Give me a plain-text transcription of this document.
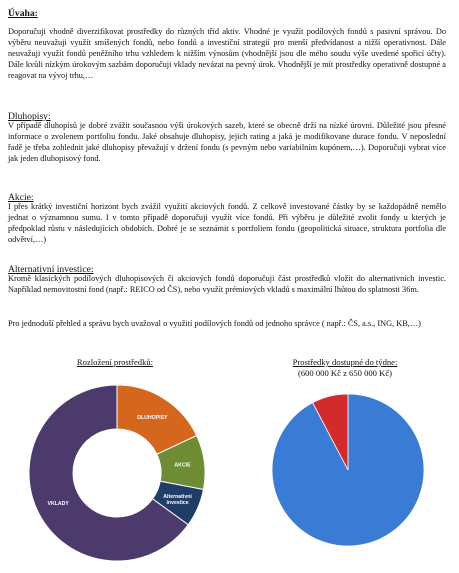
Úvaha:
Doporučuji vhodně diverzifikovat prostředky do různých tříd aktiv. Vhodné je využít podílových fondů s pasivní správou. Do výběru neuvažuji využít smíšených fondů, nebo fondů a investiční strategií pro menší předvídanost a nižší operativnost. Dále neuvažuji využít fondů peněžního trhu vzhledem k nižším výnosům (vhodnější jsou dle mého soudu výše uvedené spořicí účty). Dále kvůli nízkým úrokovým sazbám doporučuji vklady nevázat na pevný úrok. Vhodnější je mít prostředky operativně dostupné a reagovat na vývoj trhu,…
Dluhopisy:
V případě dluhopisů je dobré zvážit současnou výši úrokových sazeb, které se obecně drží na nízké úrovni. Důležité jsou přesné informace o zvolenem portfoliu fondu. Jaké obsahuje dluhopisy, jejich rating a jaká je modifikovane durace fondu. V neposlední řadě je třeba zohlednit jaké dluhopisy převažují v držení fondu (s pevným nebo variabilním kupónem,…). Doporučuji vybrat více jak jeden dluhopisový fond.
Akcie:
I přes krátký investiční horizont bych zvážil využití akciových fondů. Z celkově investované částky by se každopádně nemělo jednat o významnou sumu. I v tomto případě doporučuji využít více fondů. Při výběru je důležité zvolit fondy u kterých je předpoklad růstu v následujících obdobích. Dobré je se seznámit s portfoliem fondu (geopolitická situace, struktura portfolia dle odvětví,…)
Alternativní investice:
Kromě klasických podílových dluhopisových či akciových fondů doporučuji část prostředků vložit do alternativních investic. Například nemovitostní fond (např.: REICO od ČS), nebo využít prémiových vkladů s maximální lhůtou do splatnosti 36m.
Pro jednoduší přehled a správu bych uvažoval o využití podílových fondů od jednoho správce ( např.: ČS, a.s., ING, KB,…)
Rozložení prostředků:	Prostředky dostupné do týdne:
(600 000 Kč z 650 000 Kč)
DLUHOPISY
AKCIE
Alternativní investice
VKLADY
